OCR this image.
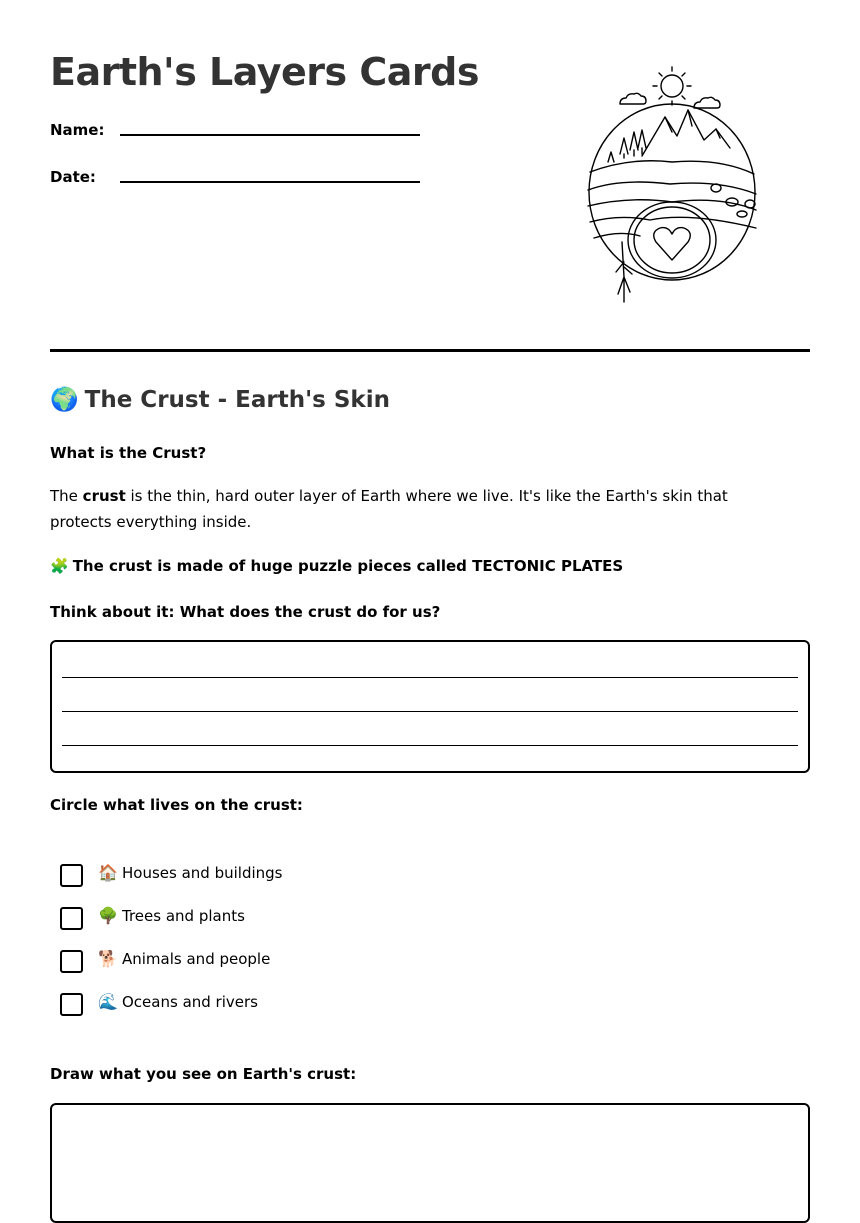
Earth's Layers Cards
Name:
Date:
🌍 The Crust - Earth's Skin
What is the Crust?
The crust is the thin, hard outer layer of Earth where we live. It's like the Earth's skin that protects everything inside.
🧩 The crust is made of huge puzzle pieces called TECTONIC PLATES
Think about it: What does the crust do for us?
Circle what lives on the crust:
🏠 Houses and buildings
🌳 Trees and plants
🐕 Animals and people
🌊 Oceans and rivers
Draw what you see on Earth's crust:
